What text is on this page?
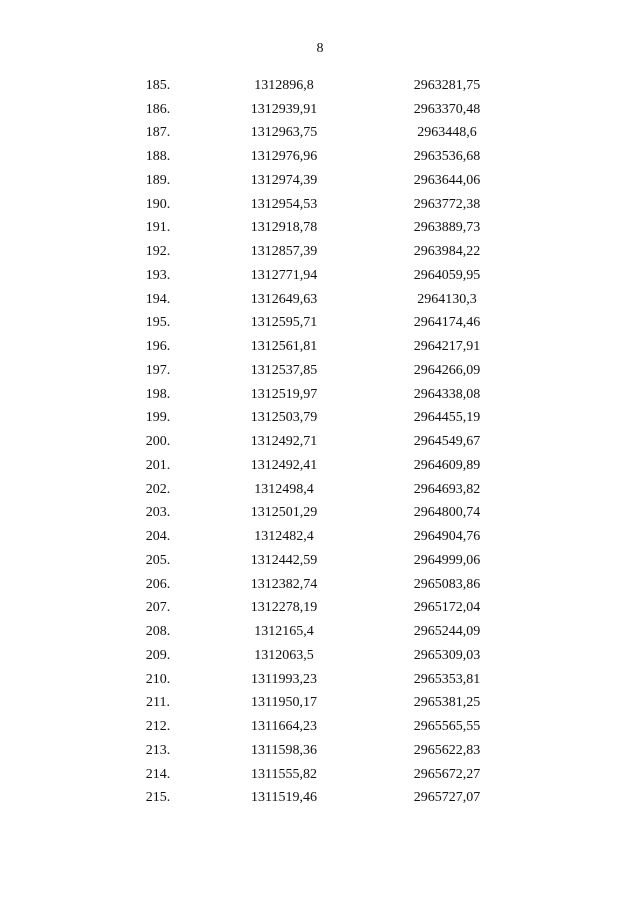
8
185.	1312896,8	2963281,75
186.	1312939,91	2963370,48
187.	1312963,75	2963448,6
188.	1312976,96	2963536,68
189.	1312974,39	2963644,06
190.	1312954,53	2963772,38
191.	1312918,78	2963889,73
192.	1312857,39	2963984,22
193.	1312771,94	2964059,95
194.	1312649,63	2964130,3
195.	1312595,71	2964174,46
196.	1312561,81	2964217,91
197.	1312537,85	2964266,09
198.	1312519,97	2964338,08
199.	1312503,79	2964455,19
200.	1312492,71	2964549,67
201.	1312492,41	2964609,89
202.	1312498,4	2964693,82
203.	1312501,29	2964800,74
204.	1312482,4	2964904,76
205.	1312442,59	2964999,06
206.	1312382,74	2965083,86
207.	1312278,19	2965172,04
208.	1312165,4	2965244,09
209.	1312063,5	2965309,03
210.	1311993,23	2965353,81
211.	1311950,17	2965381,25
212.	1311664,23	2965565,55
213.	1311598,36	2965622,83
214.	1311555,82	2965672,27
215.	1311519,46	2965727,07
